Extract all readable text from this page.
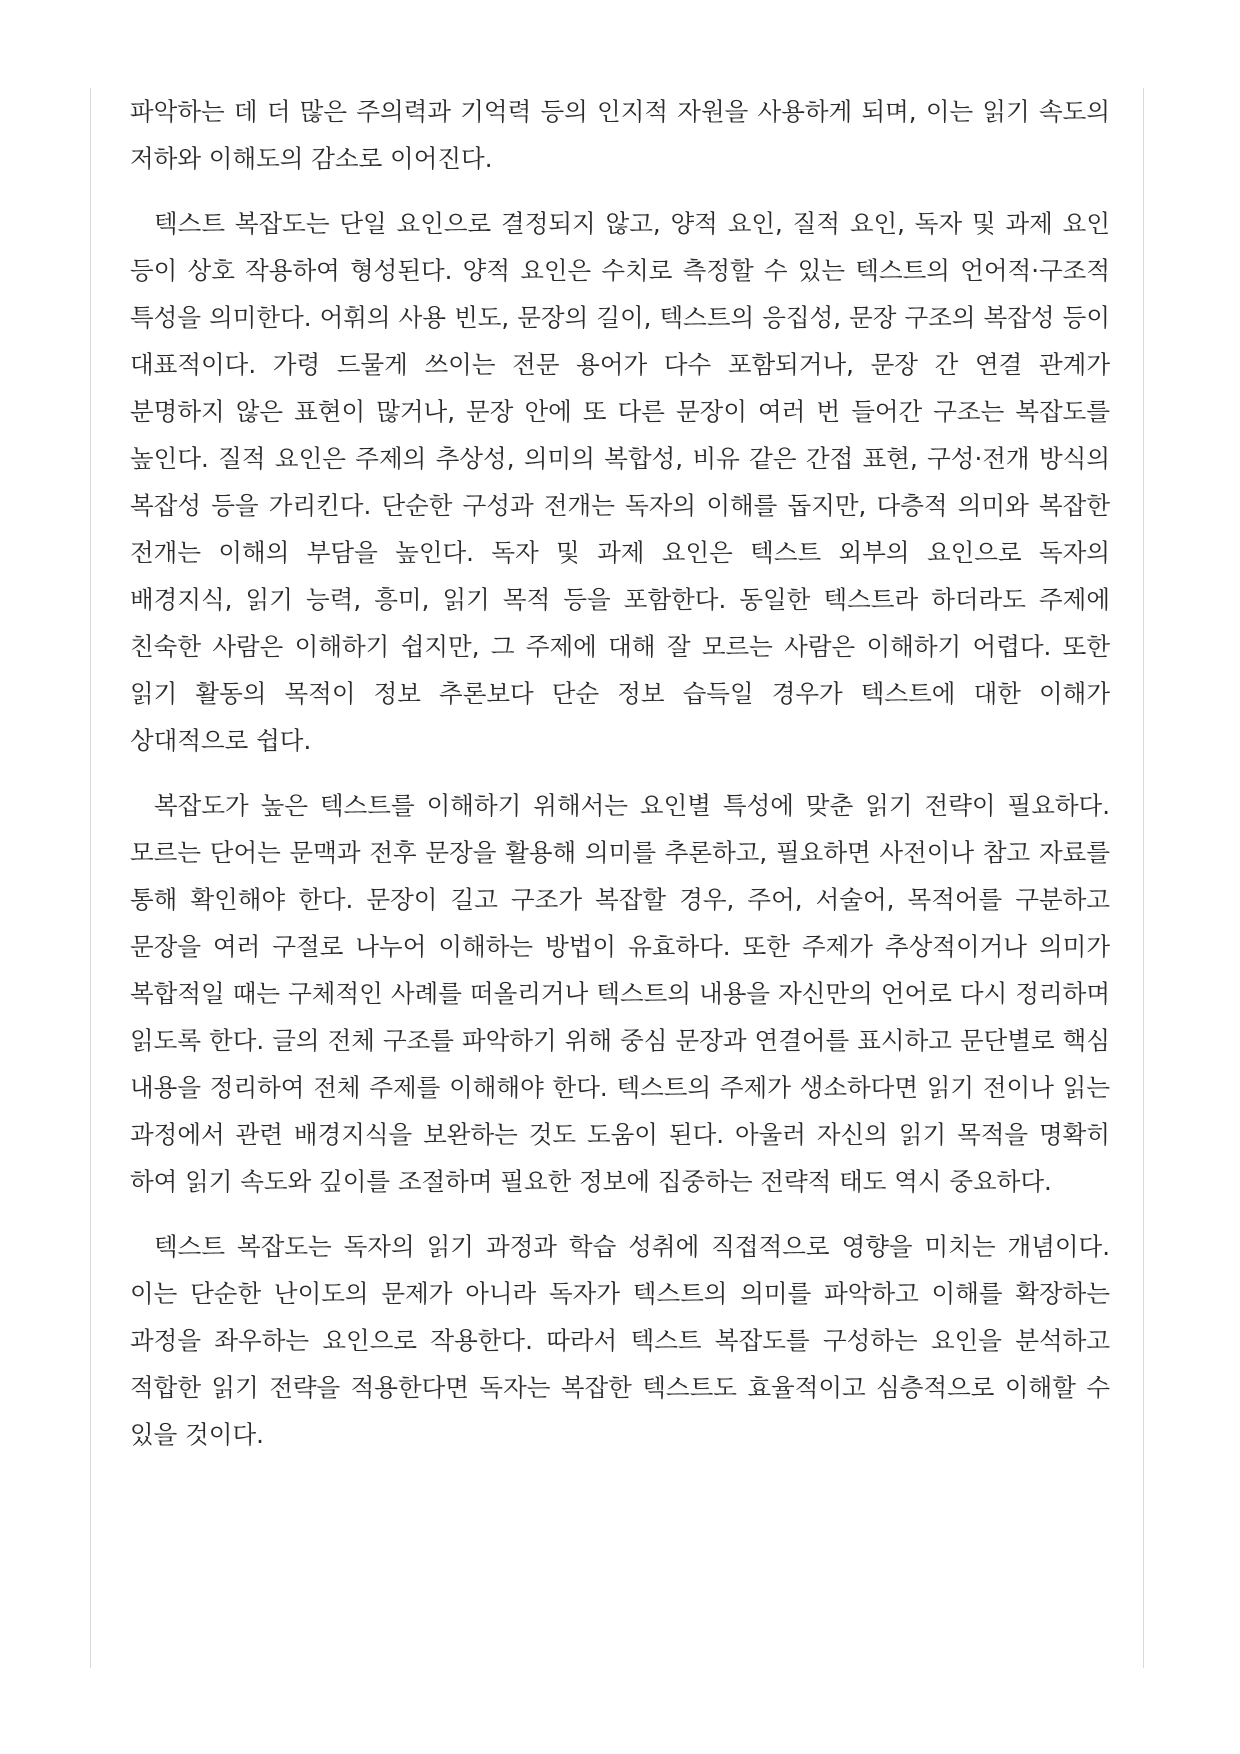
파악하는 데 더 많은 주의력과 기억력 등의 인지적 자원을 사용하게 되며, 이는 읽기 속도의 저하와 이해도의 감소로 이어진다.

텍스트 복잡도는 단일 요인으로 결정되지 않고, 양적 요인, 질적 요인, 독자 및 과제 요인 등이 상호 작용하여 형성된다. 양적 요인은 수치로 측정할 수 있는 텍스트의 언어적·구조적 특성을 의미한다. 어휘의 사용 빈도, 문장의 길이, 텍스트의 응집성, 문장 구조의 복잡성 등이 대표적이다. 가령 드물게 쓰이는 전문 용어가 다수 포함되거나, 문장 간 연결 관계가 분명하지 않은 표현이 많거나, 문장 안에 또 다른 문장이 여러 번 들어간 구조는 복잡도를 높인다. 질적 요인은 주제의 추상성, 의미의 복합성, 비유 같은 간접 표현, 구성·전개 방식의 복잡성 등을 가리킨다. 단순한 구성과 전개는 독자의 이해를 돕지만, 다층적 의미와 복잡한 전개는 이해의 부담을 높인다. 독자 및 과제 요인은 텍스트 외부의 요인으로 독자의 배경지식, 읽기 능력, 흥미, 읽기 목적 등을 포함한다. 동일한 텍스트라 하더라도 주제에 친숙한 사람은 이해하기 쉽지만, 그 주제에 대해 잘 모르는 사람은 이해하기 어렵다. 또한 읽기 활동의 목적이 정보 추론보다 단순 정보 습득일 경우가 텍스트에 대한 이해가 상대적으로 쉽다.

복잡도가 높은 텍스트를 이해하기 위해서는 요인별 특성에 맞춘 읽기 전략이 필요하다. 모르는 단어는 문맥과 전후 문장을 활용해 의미를 추론하고, 필요하면 사전이나 참고 자료를 통해 확인해야 한다. 문장이 길고 구조가 복잡할 경우, 주어, 서술어, 목적어를 구분하고 문장을 여러 구절로 나누어 이해하는 방법이 유효하다. 또한 주제가 추상적이거나 의미가 복합적일 때는 구체적인 사례를 떠올리거나 텍스트의 내용을 자신만의 언어로 다시 정리하며 읽도록 한다. 글의 전체 구조를 파악하기 위해 중심 문장과 연결어를 표시하고 문단별로 핵심 내용을 정리하여 전체 주제를 이해해야 한다. 텍스트의 주제가 생소하다면 읽기 전이나 읽는 과정에서 관련 배경지식을 보완하는 것도 도움이 된다. 아울러 자신의 읽기 목적을 명확히 하여 읽기 속도와 깊이를 조절하며 필요한 정보에 집중하는 전략적 태도 역시 중요하다.

텍스트 복잡도는 독자의 읽기 과정과 학습 성취에 직접적으로 영향을 미치는 개념이다. 이는 단순한 난이도의 문제가 아니라 독자가 텍스트의 의미를 파악하고 이해를 확장하는 과정을 좌우하는 요인으로 작용한다. 따라서 텍스트 복잡도를 구성하는 요인을 분석하고 적합한 읽기 전략을 적용한다면 독자는 복잡한 텍스트도 효율적이고 심층적으로 이해할 수 있을 것이다.
